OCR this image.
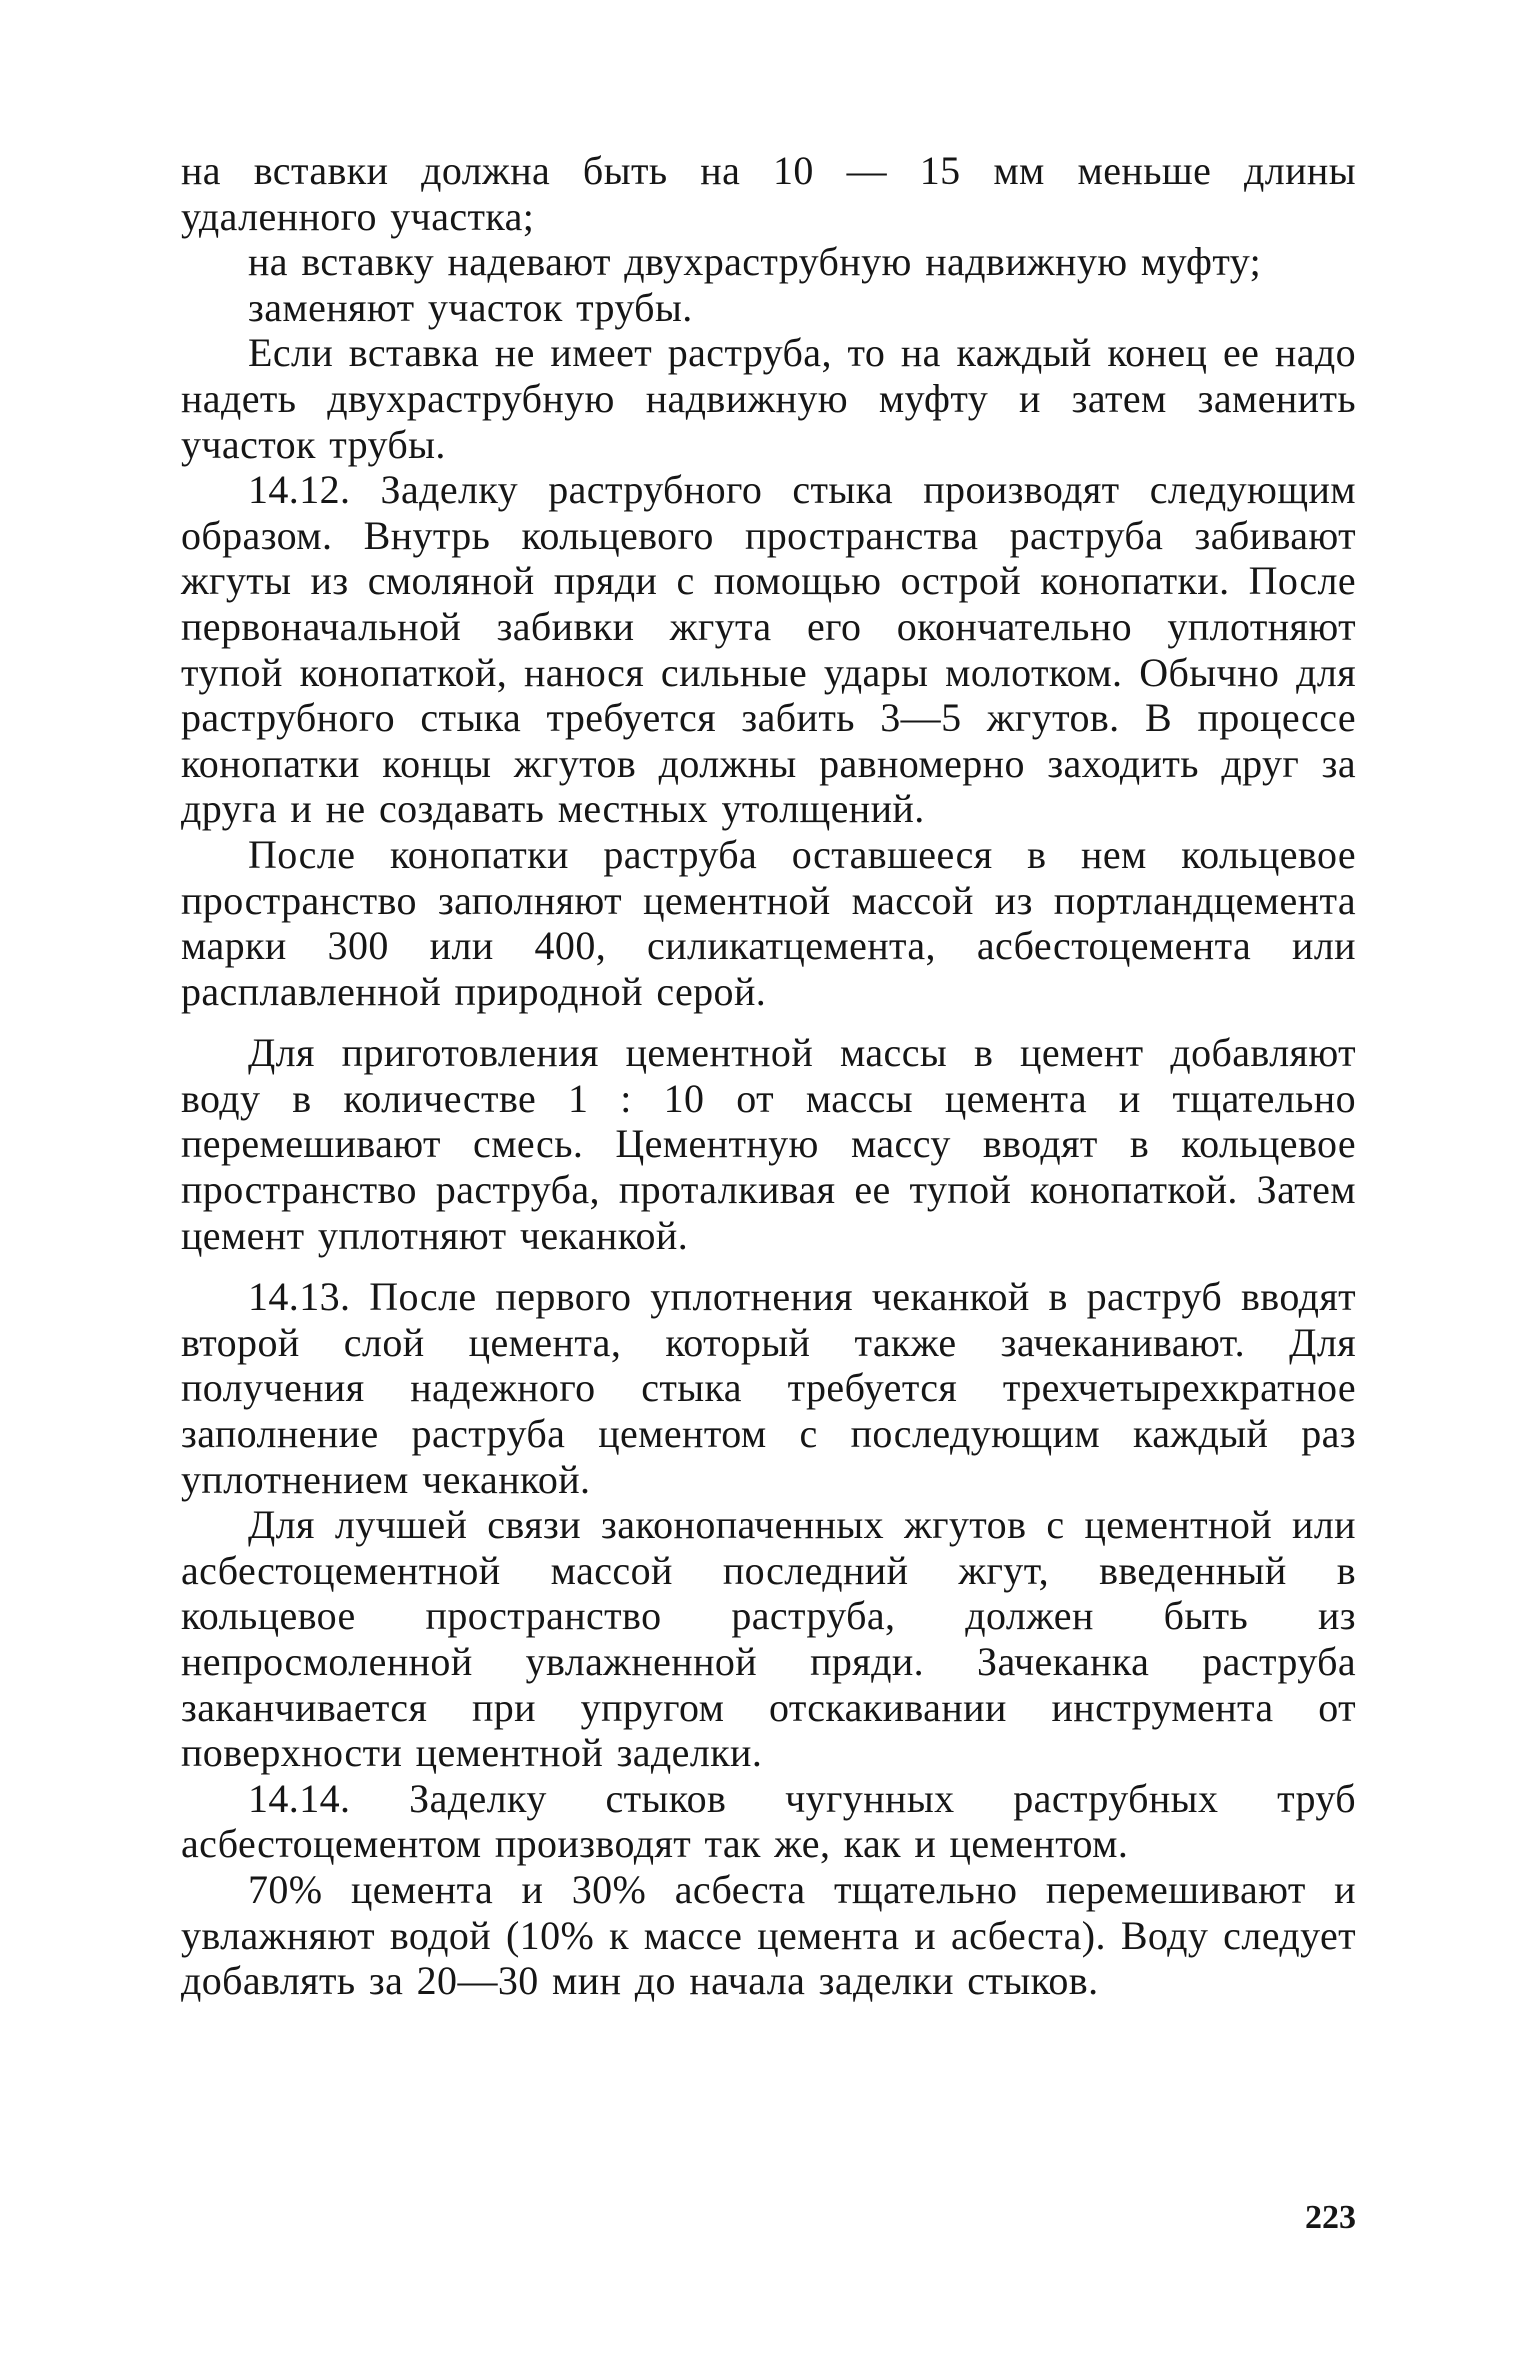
на вставки должна быть на 10 — 15 мм меньше длины удаленного участка;

на вставку надевают двухраструбную надвижную муфту;

заменяют участок трубы.

Если вставка не имеет раструба, то на каждый конец ее надо надеть двухраструбную надвижную муфту и затем заменить участок трубы.

14.12. Заделку раструбного стыка производят следующим образом. Внутрь кольцевого пространства раструба забивают жгуты из смоляной пряди с помощью острой конопатки. После первоначальной забивки жгута его окончательно уплотняют тупой конопаткой, нанося сильные удары молотком. Обычно для раструбного стыка требуется забить 3—5 жгутов. В процессе конопатки концы жгутов должны равномерно заходить друг за друга и не создавать местных утолщений.

После конопатки раструба оставшееся в нем кольцевое пространство заполняют цементной массой из портландцемента марки 300 или 400, силикатцемента, асбестоцемента или расплавленной природной серой.

Для приготовления цементной массы в цемент добавляют воду в количестве 1 : 10 от массы цемента и тщательно перемешивают смесь. Цементную массу вводят в кольцевое пространство раструба, проталкивая ее тупой конопаткой. Затем цемент уплотняют чеканкой.

14.13. После первого уплотнения чеканкой в раструб вводят второй слой цемента, который также зачеканивают. Для получения надежного стыка требуется трехчетырехкратное заполнение раструба цементом с последующим каждый раз уплотнением чеканкой.

Для лучшей связи законопаченных жгутов с цементной или асбестоцементной массой последний жгут, введенный в кольцевое пространство раструба, должен быть из непросмоленной увлажненной пряди. Зачеканка раструба заканчивается при упругом отскакивании инструмента от поверхности цементной заделки.

14.14. Заделку стыков чугунных раструбных труб асбестоцементом производят так же, как и цементом.

70% цемента и 30% асбеста тщательно перемешивают и увлажняют водой (10% к массе цемента и асбеста). Воду следует добавлять за 20—30 мин до начала заделки стыков.

223
